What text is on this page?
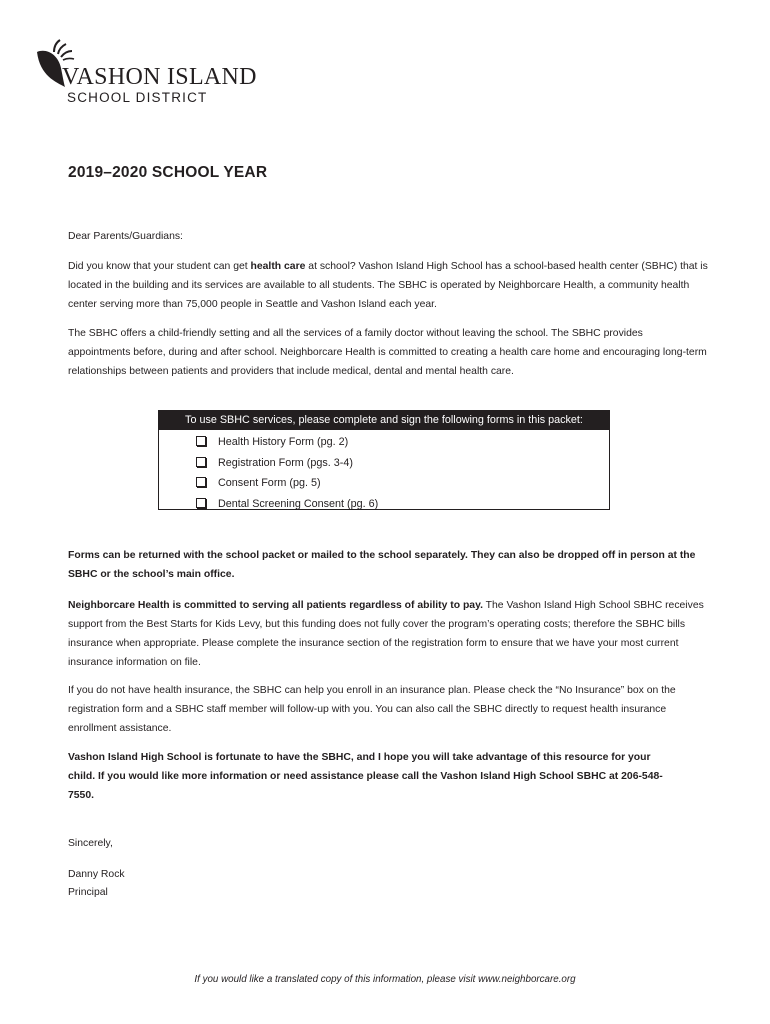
VASHON ISLAND
SCHOOL DISTRICT
2019–2020 SCHOOL YEAR
Dear Parents/Guardians:
Did you know that your student can get health care at school? Vashon Island High School has a school-based health center (SBHC) that is located in the building and its services are available to all students. The SBHC is operated by Neighborcare Health, a community health center serving more than 75,000 people in Seattle and Vashon Island each year.
The SBHC offers a child-friendly setting and all the services of a family doctor without leaving the school. The SBHC provides appointments before, during and after school. Neighborcare Health is committed to creating a health care home and encouraging long-term relationships between patients and providers that include medical, dental and mental health care.
To use SBHC services, please complete and sign the following forms in this packet:
Health History Form (pg. 2)
Registration Form (pgs. 3-4)
Consent Form (pg. 5)
Dental Screening Consent (pg. 6)
Forms can be returned with the school packet or mailed to the school separately. They can also be dropped off in person at the SBHC or the school’s main office.
Neighborcare Health is committed to serving all patients regardless of ability to pay. The Vashon Island High School SBHC receives support from the Best Starts for Kids Levy, but this funding does not fully cover the program’s operating costs; therefore the SBHC bills insurance when appropriate. Please complete the insurance section of the registration form to ensure that we have your most current insurance information on file.
If you do not have health insurance, the SBHC can help you enroll in an insurance plan. Please check the “No Insurance” box on the registration form and a SBHC staff member will follow-up with you. You can also call the SBHC directly to request health insurance enrollment assistance.
Vashon Island High School is fortunate to have the SBHC, and I hope you will take advantage of this resource for your child. If you would like more information or need assistance please call the Vashon Island High School SBHC at 206-548-7550.
Sincerely,
Danny Rock
Principal
If you would like a translated copy of this information, please visit www.neighborcare.org
